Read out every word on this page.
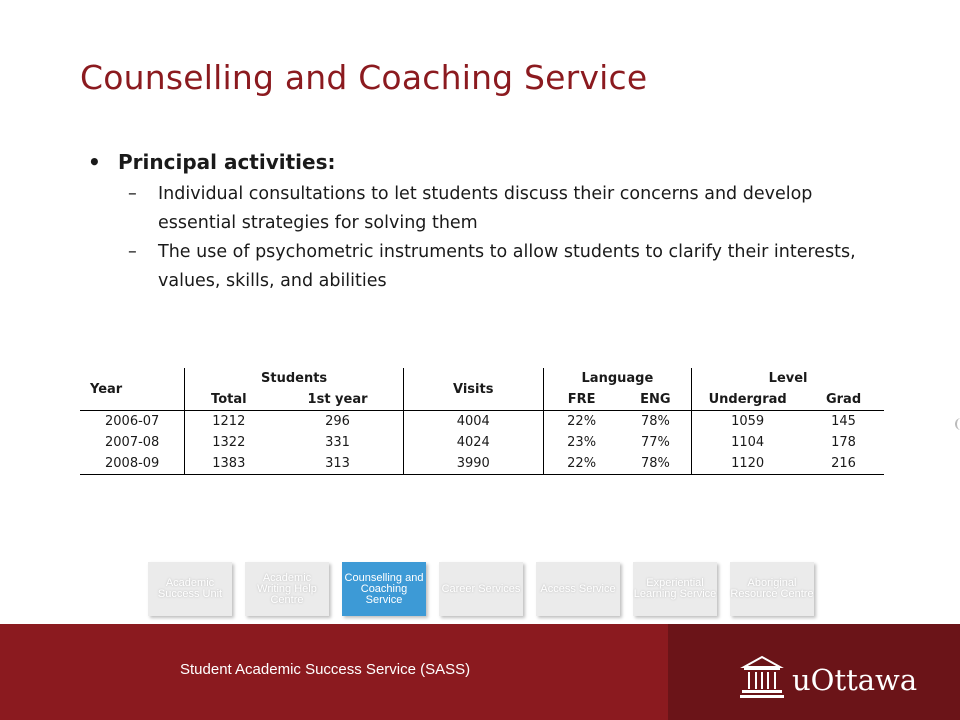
Counselling and Coaching Service
• Principal activities:
–	Individual consultations to let students discuss their concerns and develop essential strategies for solving them
–	The use of psychometric instruments to allow students to clarify their interests, values, skills, and abilities
Year	Students		Visits	Language		Level	
	Total	1st year		FRE	ENG	Undergrad	Grad
2006-07	1212	296	4004	22%	78%	1059	145
2007-08	1322	331	4024	23%	77%	1104	178
2008-09	1383	313	3990	22%	78%	1120	216
Academic Success Unit
Academic Writing Help Centre
Counselling and Coaching Service
Career Services	Access Service	Experiential Learning Service
Aboriginal Resource Centre
Student Academic Success Service (SASS)	uOttawa
